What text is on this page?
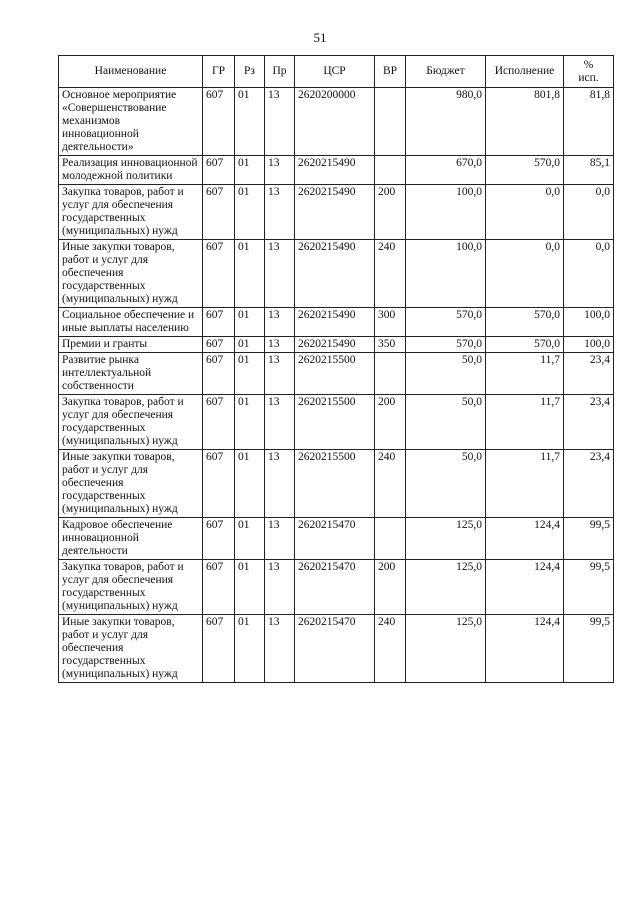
51
Наименование	ГР	Рз	Пр	ЦСР	ВР	Бюджет	Исполнение	%
исп.
Основное мероприятие «Совершенствование механизмов инновационной деятельности»	607	01	13	2620200000		980,0	801,8	81,8
Реализация инновационной молодежной политики	607	01	13	2620215490		670,0	570,0	85,1
Закупка товаров, работ и услуг для обеспечения государственных (муниципальных) нужд	607	01	13	2620215490	200	100,0	0,0	0,0
Иные закупки товаров, работ и услуг для обеспечения государственных (муниципальных) нужд	607	01	13	2620215490	240	100,0	0,0	0,0
Социальное обеспечение и иные выплаты населению	607	01	13	2620215490	300	570,0	570,0	100,0
Премии и гранты	607	01	13	2620215490	350	570,0	570,0	100,0
Развитие рынка интеллектуальной собственности	607	01	13	2620215500		50,0	11,7	23,4
Закупка товаров, работ и услуг для обеспечения государственных (муниципальных) нужд	607	01	13	2620215500	200	50,0	11,7	23,4
Иные закупки товаров, работ и услуг для обеспечения государственных (муниципальных) нужд	607	01	13	2620215500	240	50,0	11,7	23,4
Кадровое обеспечение инновационной деятельности	607	01	13	2620215470		125,0	124,4	99,5
Закупка товаров, работ и услуг для обеспечения государственных (муниципальных) нужд	607	01	13	2620215470	200	125,0	124,4	99,5
Иные закупки товаров, работ и услуг для обеспечения государственных (муниципальных) нужд	607	01	13	2620215470	240	125,0	124,4	99,5
